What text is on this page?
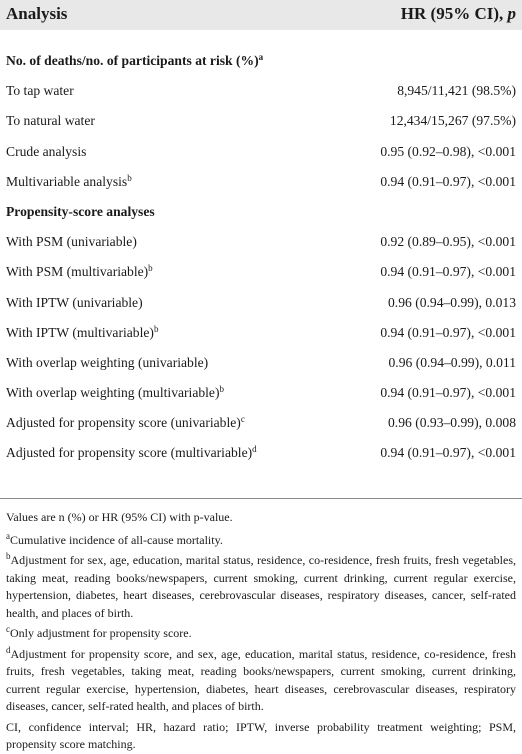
Analysis	HR (95% CI), p
No. of deaths/no. of participants at risk (%)$^a$
To tap water	8,945/11,421 (98.5%)
To natural water	12,434/15,267 (97.5%)
Crude analysis	0.95 (0.92–0.98), <0.001
Multivariable analysis$^b$	0.94 (0.91–0.97), <0.001
Propensity-score analyses
With PSM (univariable)	0.92 (0.89–0.95), <0.001
With PSM (multivariable)$^b$	0.94 (0.91–0.97), <0.001
With IPTW (univariable)	0.96 (0.94–0.99), 0.013
With IPTW (multivariable)$^b$	0.94 (0.91–0.97), <0.001
With overlap weighting (univariable)	0.96 (0.94–0.99), 0.011
With overlap weighting (multivariable)$^b$	0.94 (0.91–0.97), <0.001
Adjusted for propensity score (univariable)$^c$	0.96 (0.93–0.99), 0.008
Adjusted for propensity score (multivariable)$^d$	0.94 (0.91–0.97), <0.001

Values are n (%) or HR (95% CI) with p-value.

$^a$Cumulative incidence of all-cause mortality.

$^b$Adjustment for sex, age, education, marital status, residence, co-residence, fresh fruits, fresh vegetables, taking meat, reading books/newspapers, current smoking, current drinking, current regular exercise, hypertension, diabetes, heart diseases, cerebrovascular diseases, respiratory diseases, cancer, self-rated health, and places of birth.

$^c$Only adjustment for propensity score.

$^d$Adjustment for propensity score, and sex, age, education, marital status, residence, co-residence, fresh fruits, fresh vegetables, taking meat, reading books/newspapers, current smoking, current drinking, current regular exercise, hypertension, diabetes, heart diseases, cerebrovascular diseases, respiratory diseases, cancer, self-rated health, and places of birth.

CI, confidence interval; HR, hazard ratio; IPTW, inverse probability treatment weighting; PSM, propensity score matching.
